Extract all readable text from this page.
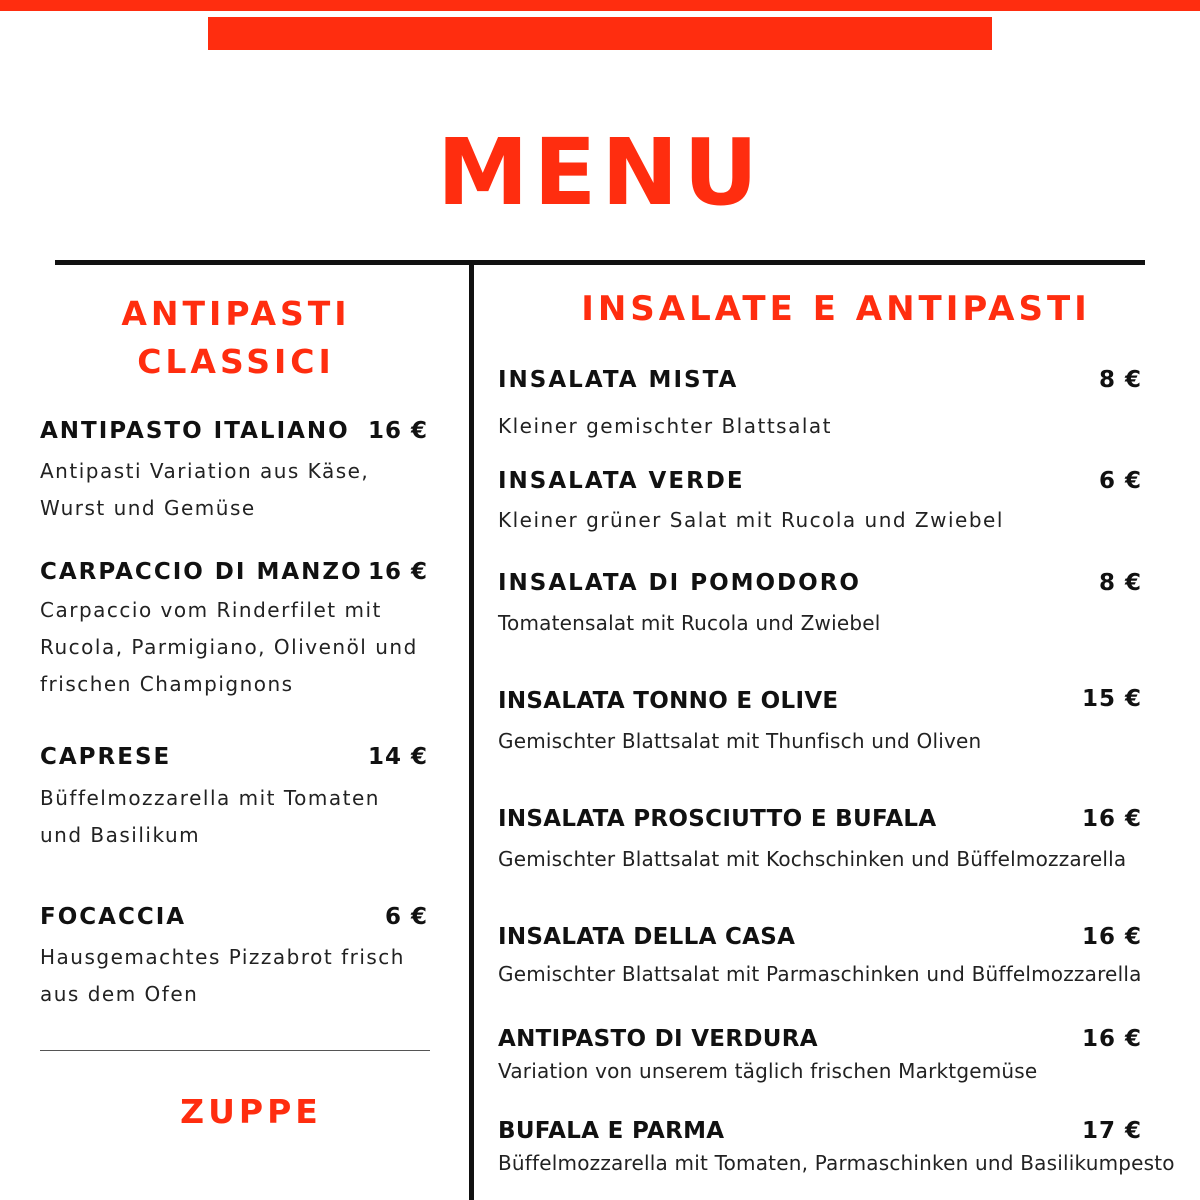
MENU
ANTIPASTI
CLASSICI
ANTIPASTO ITALIANO 16 €
Antipasti Variation aus Käse, Wurst und Gemüse
CARPACCIO DI MANZO 16 €
Carpaccio vom Rinderfilet mit Rucola, Parmigiano, Olivenöl und frischen Champignons
CAPRESE	14 €
Büffelmozzarella mit Tomaten und Basilikum
FOCACCIA	6 €
Hausgemachtes Pizzabrot frisch aus dem Ofen
ZUPPE
INSALATE E ANTIPASTI
INSALATA MISTA	8 €
Kleiner gemischter Blattsalat
INSALATA VERDE	6 €
Kleiner grüner Salat mit Rucola und Zwiebel
INSALATA DI POMODORO	8 €
Tomatensalat mit Rucola und Zwiebel
INSALATA TONNO E OLIVE	15 €
Gemischter Blattsalat mit Thunfisch und Oliven
INSALATA PROSCIUTTO E BUFALA	16 €
Gemischter Blattsalat mit Kochschinken und Büffelmozzarella
INSALATA DELLA CASA	16 €
Gemischter Blattsalat mit Parmaschinken und Büffelmozzarella
ANTIPASTO DI VERDURA	16 €
Variation von unserem täglich frischen Marktgemüse
BUFALA E PARMA	17 €
Büffelmozzarella mit Tomaten, Parmaschinken und Basilikumpesto
